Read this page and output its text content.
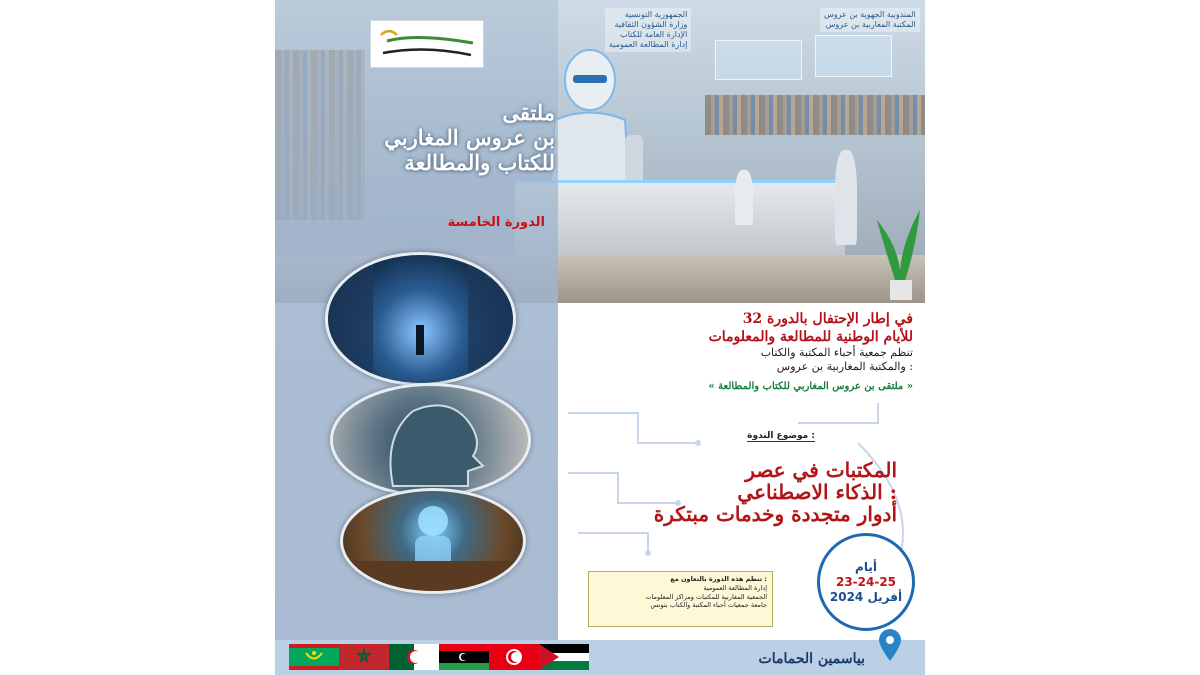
الجمهورية التونسية
وزارة الشؤون الثقافية
الإدارة العامة للكتاب
إدارة المطالعة العمومية
المندوبية الجهوية بن عروس
المكتبة المغاربية بن عروس
ملتقى
بن عروس المغاربي
للكتاب والمطالعة
الدورة الخامسة
في إطار الإحتفال بالدورة 32
للأيام الوطنية للمطالعة والمعلومات
تنظم جمعية أحباء المكتبة والكتاب
والمكتبة المغاربية بن عروس :
« ملتقى بن عروس المغاربي للكتاب والمطالعة »
موضوع الندوة :
المكتبات في عصر
الذكاء الاصطناعي :
أدوار متجددة وخدمات مبتكرة
تنظم هذه الدورة بالتعاون مع :
إدارة المطالعة العمومية
الجمعية المغاربية للمكتبات ومراكز المعلومات
جامعة جمعيات أحباء المكتبة والكتاب بتونس
أيام
23-24-25
أفريل 2024
بياسمين الحمامات
